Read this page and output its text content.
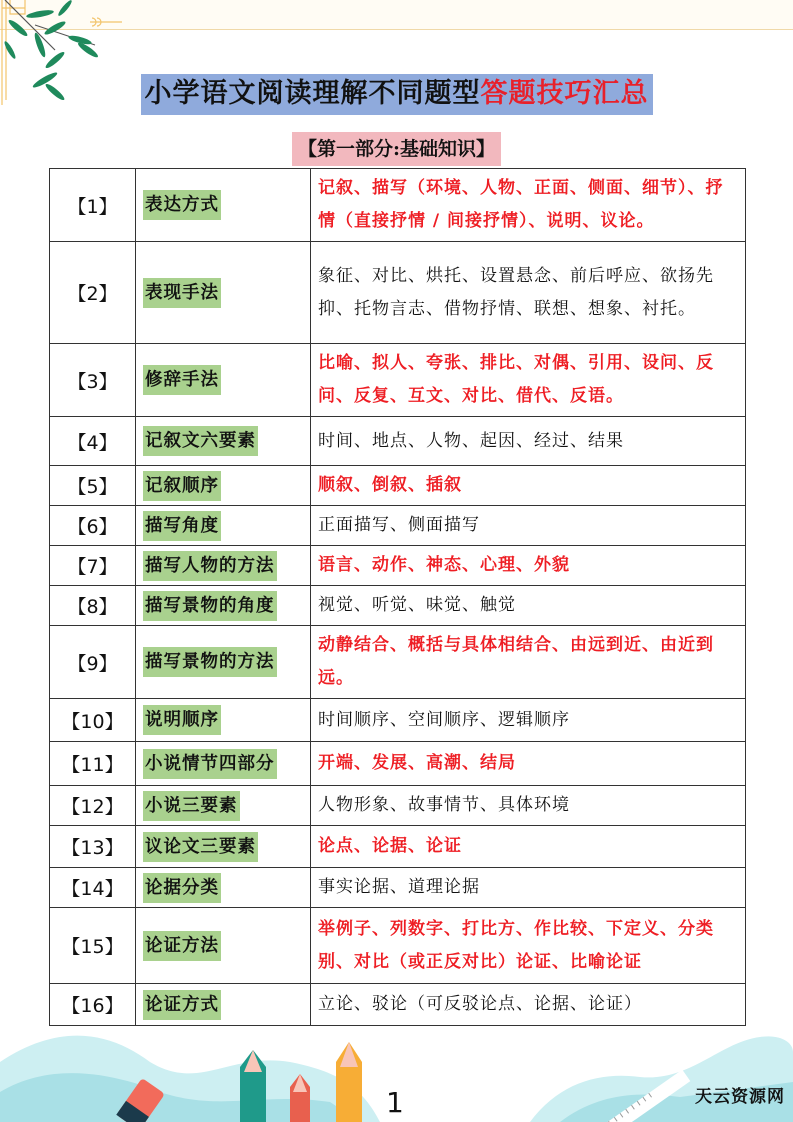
小学语文阅读理解不同题型答题技巧汇总
【第一部分:基础知识】
【1】	表达方式	记叙、描写（环境、人物、正面、侧面、细节）、抒情（直接抒情 / 间接抒情）、说明、议论。
【2】	表现手法	象征、对比、烘托、设置悬念、前后呼应、欲扬先抑、托物言志、借物抒情、联想、想象、衬托。
【3】	修辞手法	比喻、拟人、夸张、排比、对偶、引用、设问、反问、反复、互文、对比、借代、反语。
【4】	记叙文六要素	时间、地点、人物、起因、经过、结果
【5】	记叙顺序	顺叙、倒叙、插叙
【6】	描写角度	正面描写、侧面描写
【7】	描写人物的方法	语言、动作、神态、心理、外貌
【8】	描写景物的角度	视觉、听觉、味觉、触觉
【9】	描写景物的方法	动静结合、概括与具体相结合、由远到近、由近到远。
【10】	说明顺序	时间顺序、空间顺序、逻辑顺序
【11】	小说情节四部分	开端、发展、高潮、结局
【12】	小说三要素	人物形象、故事情节、具体环境
【13】	议论文三要素	论点、论据、论证
【14】	论据分类	事实论据、道理论据
【15】	论证方法	举例子、列数字、打比方、作比较、下定义、分类别、对比（或正反对比）论证、比喻论证
【16】	论证方式	立论、驳论（可反驳论点、论据、论证）
1	天云资源网
